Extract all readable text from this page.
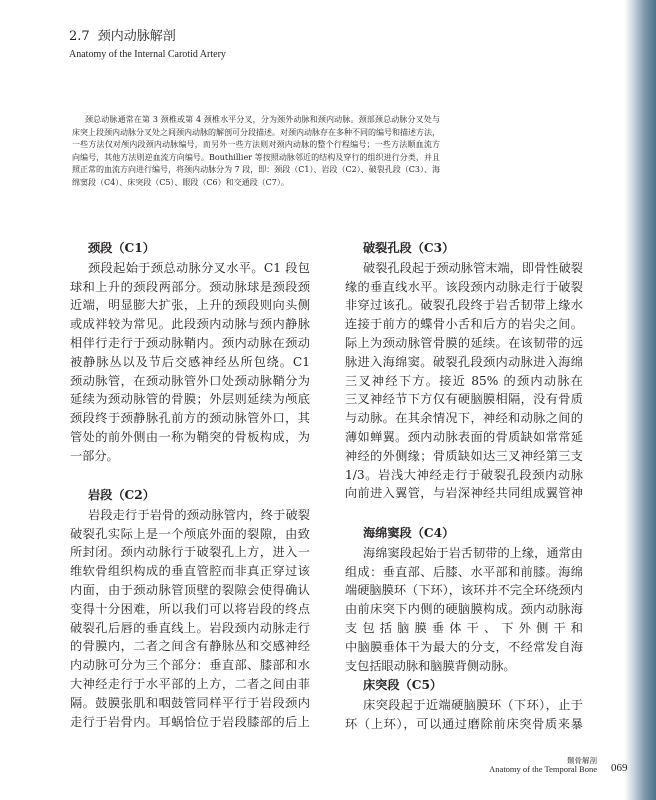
2.7 颈内动脉解剖
Anatomy of the Internal Carotid Artery
颈总动脉通常在第 3 颈椎或第 4 颈椎水平分叉，分为颈外动脉和颈内动脉。颈部颈总动脉分叉处与
床突上段颈内动脉分叉处之间颈内动脉的解剖可分段描述。对颈内动脉存在多种不同的编号和描述方法，
一些方法仅对颅内段颈内动脉编号，而另外一些方法则对颈内动脉的整个行程编号；一些方法顺血流方
向编号，其他方法则逆血流方向编号。Bouthillier 等按照动脉邻近的结构及穿行的组织进行分类，并且
照正常的血流方向进行编号，将颈内动脉分为 7 段，即：颈段（C1）、岩段（C2）、破裂孔段（C3）、海
绵窦段（C4）、床突段（C5）、眼段（C6）和交通段（C7）。
颈段（C1）
颈段起始于颈总动脉分叉水平。C1 段包
球和上升的颈段两部分。颈动脉球是颈段颈
近端，明显膨大扩张，上升的颈段则向头侧
或成袢较为常见。此段颈内动脉与颈内静脉
相伴行走行于颈动脉鞘内。颈内动脉在颈动
被静脉丛以及节后交感神经丛所包绕。C1
颈动脉管，在颈动脉管外口处颈动脉鞘分为
延续为颈动脉管的骨膜；外层则延续为颅底
颈段终于颈静脉孔前方的颈动脉管外口，其
管处的前外侧由一称为鞘突的骨板构成，为
一部分。
岩段（C2）
岩段走行于岩骨的颈动脉管内，终于破裂
破裂孔实际上是一个颅底外面的裂隙，由致
所封闭。颈内动脉行于破裂孔上方，进入一
维软骨组织构成的垂直管腔而非真正穿过该
内面，由于颈动脉管顶壁的裂隙会使得确认
变得十分困难，所以我们可以将岩段的终点
破裂孔后唇的垂直线上。岩段颈内动脉走行
的骨膜内，二者之间含有静脉丛和交感神经
内动脉可分为三个部分：垂直部、膝部和水
大神经走行于水平部的上方，二者之间由菲
隔。鼓膜张肌和咽鼓管同样平行于岩段颈内
走行于岩骨内。耳蜗恰位于岩段膝部的后上
破裂孔段（C3）
破裂孔段起于颈动脉管末端，即骨性破裂
缘的垂直线水平。该段颈内动脉走行于破裂
非穿过该孔。破裂孔段终于岩舌韧带上缘水
连接于前方的蝶骨小舌和后方的岩尖之间。
际上为颈动脉管骨膜的延续。在该韧带的远
脉进入海绵窦。破裂孔段颈内动脉进入海绵
三叉神经下方。接近 85% 的颈内动脉在
三叉神经节下方仅有硬脑膜相隔，没有骨质
与动脉。在其余情况下，神经和动脉之间的
薄如蝉翼。颈内动脉表面的骨质缺如常常延
神经的外侧缘；骨质缺如达三叉神经第三支
1/3。岩浅大神经走行于破裂孔段颈内动脉
向前进入翼管，与岩深神经共同组成翼管神
海绵窦段（C4）
海绵窦段起始于岩舌韧带的上缘，通常由
组成：垂直部、后膝、水平部和前膝。海绵
端硬脑膜环（下环），该环并不完全环绕颈内
由前床突下内侧的硬脑膜构成。颈内动脉海
支包括脑膜垂体干、下外侧干和
中脑膜垂体干为最大的分支，不经常发自海
支包括眼动脉和脑膜背侧动脉。
床突段（C5）
床突段起于近端硬脑膜环（下环），止于
环（上环），可以通过磨除前床突骨质来暴
颞骨解剖
Anatomy of the Temporal Bone 069
